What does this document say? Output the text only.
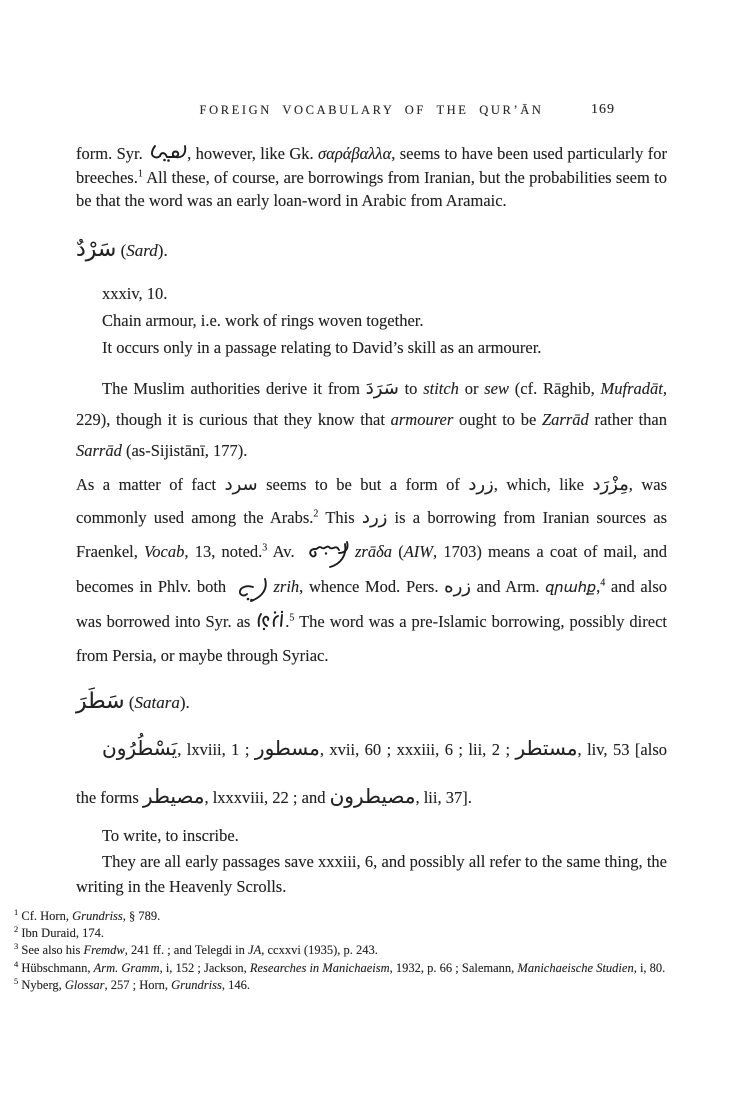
FOREIGN VOCABULARY OF THE QUR’ĀN	169

form. Syr. , however, like Gk. σαράβαλλα, seems to have been used particularly for breeches.$^1$ All these, of course, are borrowings from Iranian, but the probabilities seem to be that the word was an early loan-word in Arabic from Aramaic.

سَرْدٌ (Sard).

xxxiv, 10.
Chain armour, i.e. work of rings woven together.
It occurs only in a passage relating to David’s skill as an armourer.

The Muslim authorities derive it from سَرَدَ to stitch or sew (cf. Rāghib, Mufradāt, 229), though it is curious that they know that armourer ought to be Zarrād rather than Sarrād (as-Sijistānī, 177).

As a matter of fact سرد seems to be but a form of زرد, which, like مِزْرَد, was commonly used among the Arabs.$^2$ This زرد is a borrowing from Iranian sources as Fraenkel, Vocab, 13, noted.$^3$ Av.	zrāδa (AIW, 1703) means a coat of mail, and becomes in Phlv. both	zrih, whence Mod. Pers. زره and Arm. զրահք,$^4$ and also was borrowed into Syr. as .$^5$ The word was a pre-Islamic borrowing, possibly direct from Persia, or maybe through Syriac.

سَطَرَ (Satara).

يَسْطُرُون, lxviii, 1 ; مسطور, xvii, 60 ; xxxiii, 6 ; lii, 2 ; مستطر, liv, 53 [also the forms مصيطر, lxxxviii, 22 ; and مصيطرون, lii, 37].

To write, to inscribe.

They are all early passages save xxxiii, 6, and possibly all refer to the same thing, the writing in the Heavenly Scrolls.

$^1$ Cf. Horn, Grundriss, § 789.

$^2$ Ibn Duraid, 174.

$^3$ See also his Fremdw, 241 ff. ; and Telegdi in JA, ccxxvi (1935), p. 243.

$^4$ Hübschmann, Arm. Gramm, i, 152 ; Jackson, Researches in Manichaeism, 1932, p. 66 ; Salemann, Manichaeische Studien, i, 80.

$^5$ Nyberg, Glossar, 257 ; Horn, Grundriss, 146.
